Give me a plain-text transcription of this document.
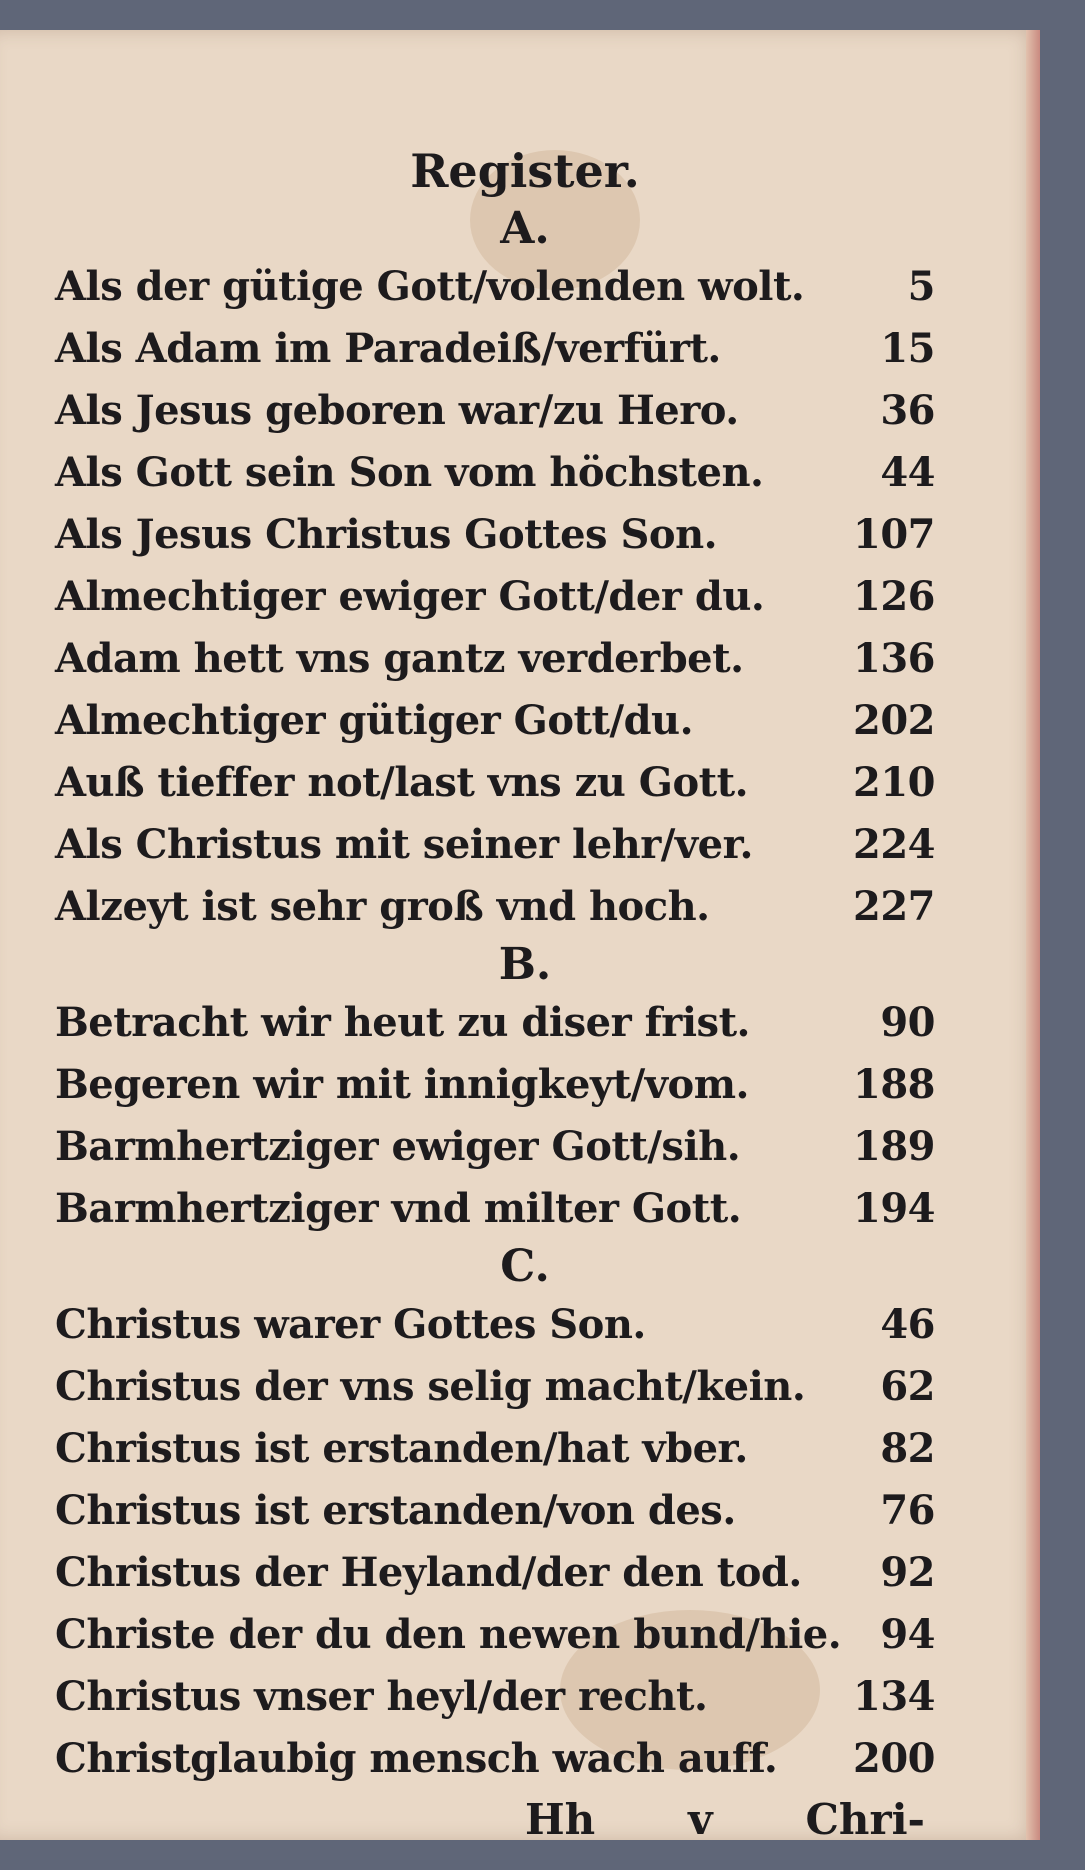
Register.
A.
Als der gütige Gott/volenden wolt.	5
Als Adam im Paradeiß/verfürt.	15
Als Jesus geboren war/zu Hero.	36
Als Gott sein Son vom höchsten.	44
Als Jesus Christus Gottes Son.	107
Almechtiger ewiger Gott/der du. 126
Adam hett vns gantz verderbet.	136
Almechtiger gütiger Gott/du.	202
Auß tieffer not/last vns zu Gott.	210
Als Christus mit seiner lehr/ver.	224
Alzeyt ist sehr groß vnd hoch.	227
B.
Betracht wir heut zu diser frist.	90
Begeren wir mit innigkeyt/vom.	188
Barmhertziger ewiger Gott/sih.	189
Barmhertziger vnd milter Gott.	194
C.
Christus warer Gottes Son.	46
Christus der vns selig macht/kein.	62
Christus ist erstanden/hat vber.	82
Christus ist erstanden/von des.	76
Christus der Heyland/der den tod.	92
Christe der du den newen bund/hie. 94
Christus vnser heyl/der recht.	134
Christglaubig mensch wach auff. 200
Hh v Chri-
